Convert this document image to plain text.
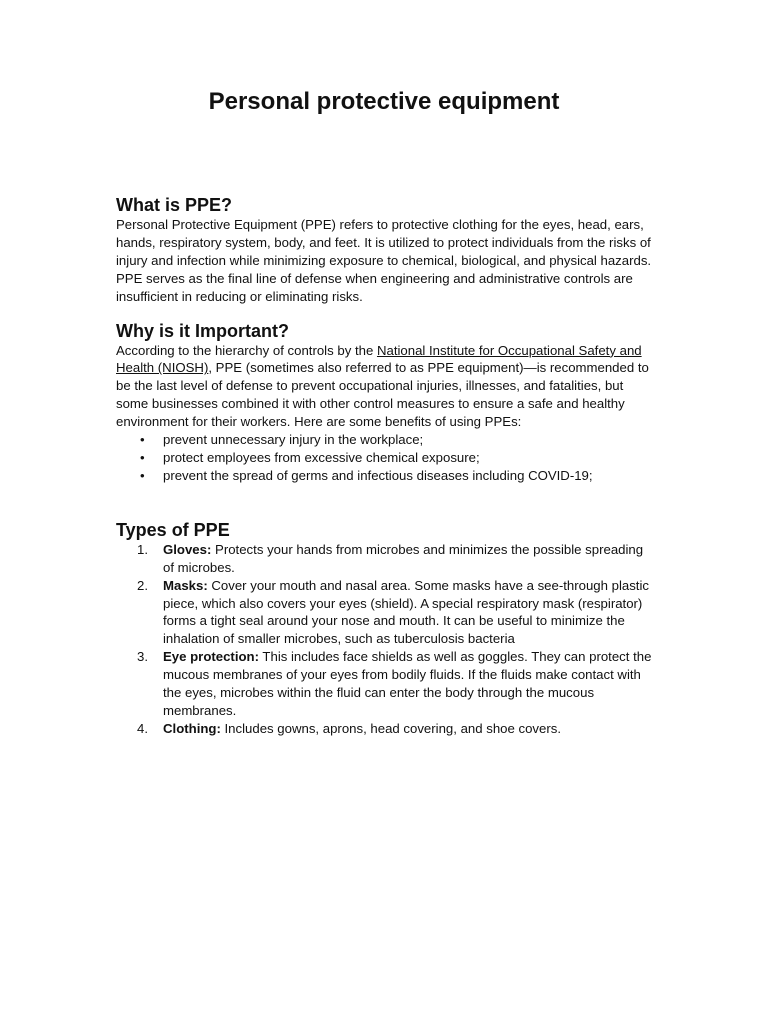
Personal protective equipment
What is PPE?

Personal Protective Equipment (PPE) refers to protective clothing for the eyes, head, ears, hands, respiratory system, body, and feet. It is utilized to protect individuals from the risks of injury and infection while minimizing exposure to chemical, biological, and physical hazards. PPE serves as the final line of defense when engineering and administrative controls are insufficient in reducing or eliminating risks.

Why is it Important?

According to the hierarchy of controls by the National Institute for Occupational Safety and Health (NIOSH), PPE (sometimes also referred to as PPE equipment)—is recommended to be the last level of defense to prevent occupational injuries, illnesses, and fatalities, but some businesses combined it with other control measures to ensure a safe and healthy environment for their workers. Here are some benefits of using PPEs:

• prevent unnecessary injury in the workplace;
• protect employees from excessive chemical exposure;
• prevent the spread of germs and infectious diseases including COVID-19;
Types of PPE
1. Gloves: Protects your hands from microbes and minimizes the possible spreading of microbes.
2. Masks: Cover your mouth and nasal area. Some masks have a see-through plastic piece, which also covers your eyes (shield). A special respiratory mask (respirator) forms a tight seal around your nose and mouth. It can be useful to minimize the inhalation of smaller microbes, such as tuberculosis bacteria
3. Eye protection: This includes face shields as well as goggles. They can protect the mucous membranes of your eyes from bodily fluids. If the fluids make contact with the eyes, microbes within the fluid can enter the body through the mucous membranes.
4. Clothing: Includes gowns, aprons, head covering, and shoe covers.
